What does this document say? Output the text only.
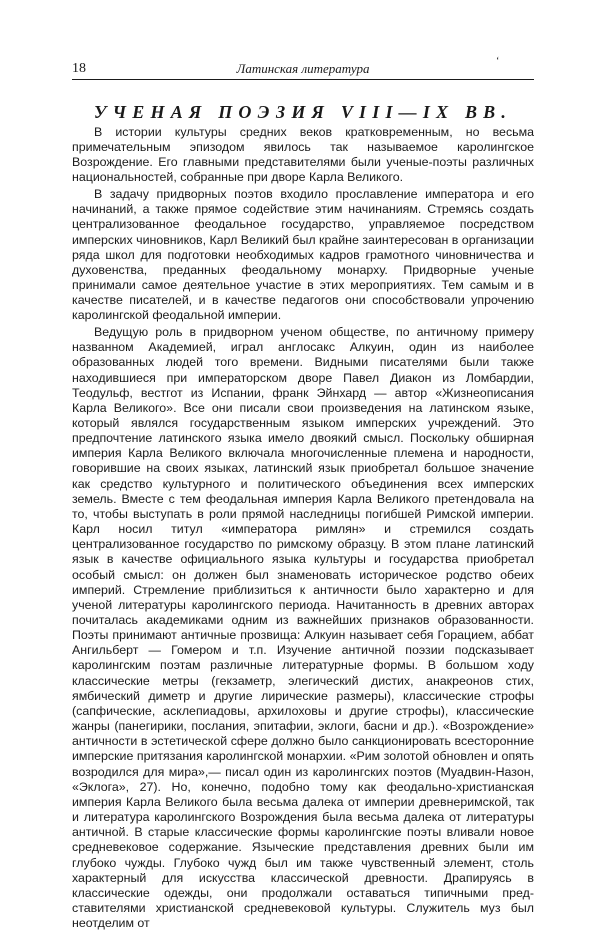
18	Латинская литература	‘
УЧЕНАЯ ПОЭЗИЯ VIII—IX ВВ.

В истории культуры средних веков кратковременным, но весьма примечательным эпизодом явилось так называемое каролингское Возрождение. Его главными представителями были ученые-поэты различных национальностей, собранные при дворе Карла Великого.

В задачу придворных поэтов входило прославление императора и его начинаний, а также прямое содействие этим начинаниям. Стремясь создать централизованное феодальное государство, управляемое посредством имперских чиновников, Карл Великий был крайне заинтересован в организации ряда школ для подготовки необходимых кадров грамотного чиновничества и духовенства, преданных феодальному монарху. Придворные ученые принимали самое деятельное участие в этих мероприятиях. Тем самым и в качестве писателей, и в качестве педагогов они способствовали упрочению каролингской феодальной империи.

Ведущую роль в придворном ученом обществе, по античному примеру названном Академией, играл англосакс Алкуин, один из наиболее образованных людей того времени. Видными писателями были также находившиеся при императорском дворе Павел Диакон из Ломбардии, Теодульф, вестгот из Испании, франк Эйнхард — автор «Жизнеописания Карла Великого». Все они писали свои произведения на латинском языке, который являлся государственным языком имперских учреждений. Это предпочтение латинского языка имело двоякий смысл. Поскольку обширная империя Карла Великого включала многочисленные племена и народности, говорившие на своих языках, латинский язык приобретал большое значение как средство культурного и политического объединения всех имперских земель. Вместе с тем феодальная империя Карла Великого претендовала на то, чтобы выступать в роли прямой наследницы погибшей Римской империи. Карл носил титул «императора римлян» и стремился создать централизованное государство по римскому образцу. В этом плане латинский язык в качестве официального языка культуры и государства приобретал особый смысл: он должен был знаменовать историческое родство обеих империй. Стремление приблизиться к античности было характерно и для ученой литературы каролингского периода. Начитанность в древних авторах почиталась академиками одним из важнейших признаков образованности. Поэты принимают античные прозвища: Алкуин называет себя Горацием, аббат Ангильберт — Гомером и т.п. Изучение античной поэзии подсказывает каролингским поэтам различные литературные формы. В большом ходу классические метры (гекзаметр, элегический дистих, анакреонов стих, ямбический диметр и другие лирические размеры), классические строфы (сапфические, асклепиадовы, архилоховы и другие строфы), классические жанры (панегирики, послания, эпитафии, эклоги, басни и др.). «Возрождение» античности в эстетической сфере должно было санкционировать всесторонние имперские притязания каролингской монархии. «Рим золотой обновлен и опять возродился для мира»,— писал один из каролингских поэтов (Муадвин-Назон, «Эклога», 27). Но, конечно, подобно тому как феодально-христианская империя Карла Великого была весьма далека от империи древнеримской, так и литература каролингского Возрождения была весьма далека от литературы античной. В старые классические формы каролингские поэты вливали новое средневековое содержание. Языческие представления древних были им глубоко чужды. Глубоко чужд был им также чувственный элемент, столь характерный для искусства классической древности. Драпируясь в классические одежды, они продолжали оставаться типичными представителями христианской средневековой культуры. Служитель муз был неотделим от
